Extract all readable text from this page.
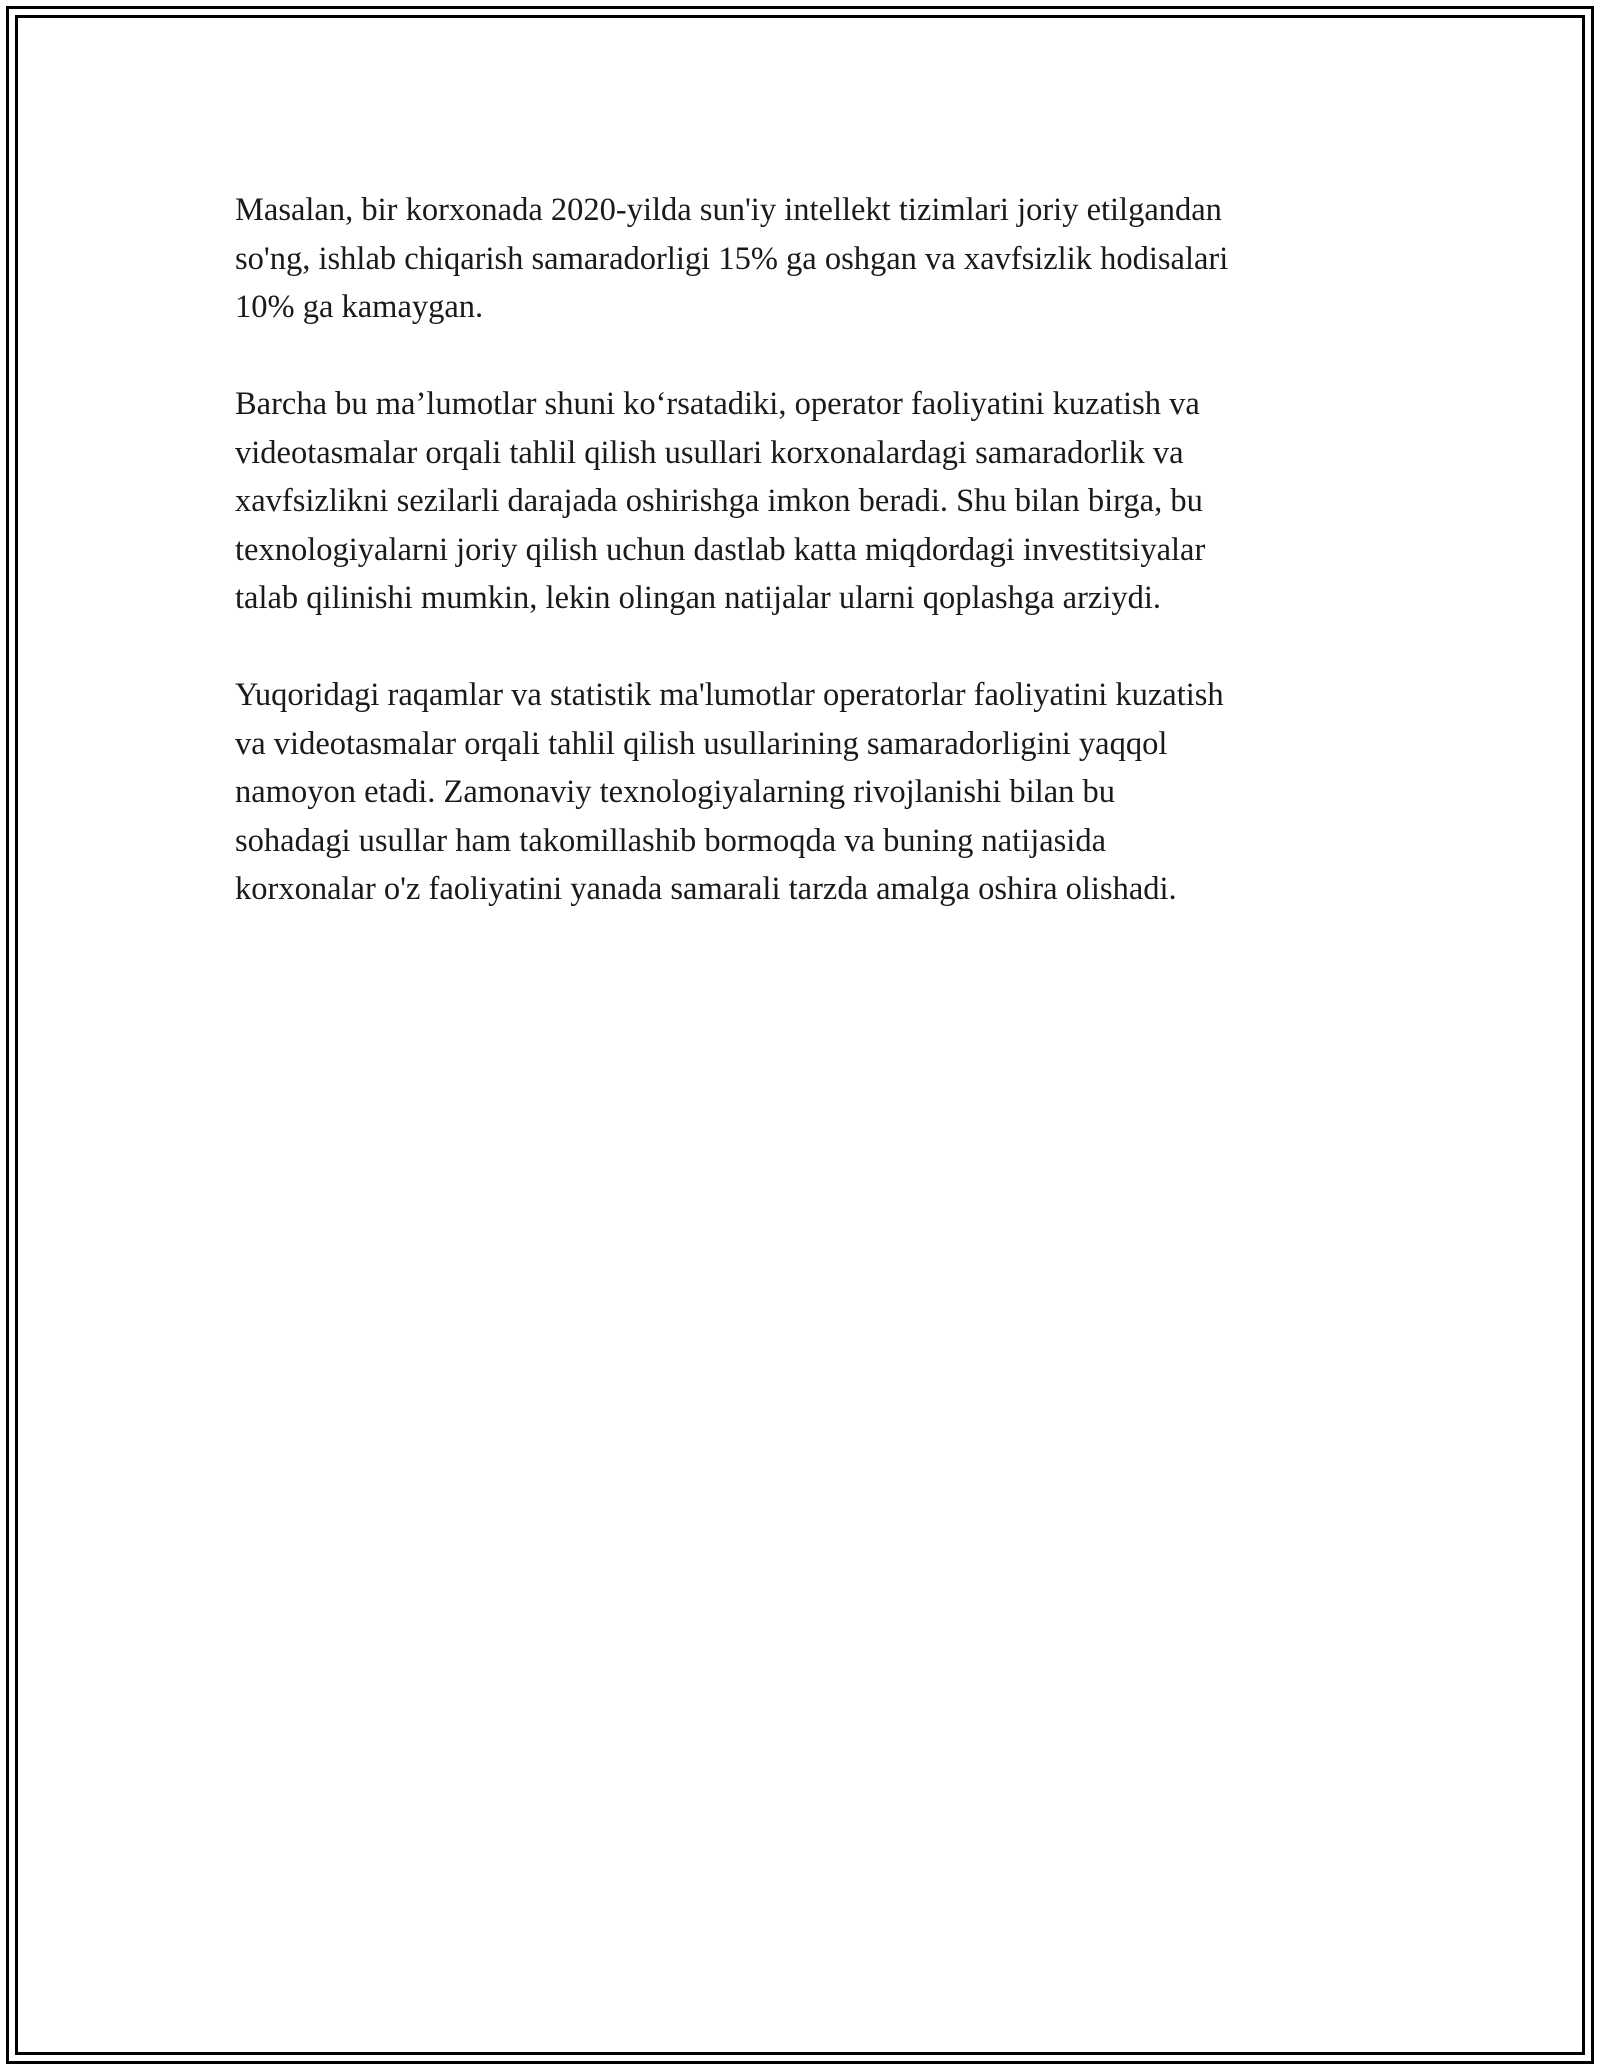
Masalan, bir korxonada 2020-yilda sun'iy intellekt tizimlari joriy etilgandan
so'ng, ishlab chiqarish samaradorligi 15% ga oshgan va xavfsizlik hodisalari
10% ga kamaygan.

Barcha bu ma’lumotlar shuni ko‘rsatadiki, operator faoliyatini kuzatish va
videotasmalar orqali tahlil qilish usullari korxonalardagi samaradorlik va
xavfsizlikni sezilarli darajada oshirishga imkon beradi. Shu bilan birga, bu
texnologiyalarni joriy qilish uchun dastlab katta miqdordagi investitsiyalar
talab qilinishi mumkin, lekin olingan natijalar ularni qoplashga arziydi.

Yuqoridagi raqamlar va statistik ma'lumotlar operatorlar faoliyatini kuzatish
va videotasmalar orqali tahlil qilish usullarining samaradorligini yaqqol
namoyon etadi. Zamonaviy texnologiyalarning rivojlanishi bilan bu
sohadagi usullar ham takomillashib bormoqda va buning natijasida
korxonalar o'z faoliyatini yanada samarali tarzda amalga oshira olishadi.
